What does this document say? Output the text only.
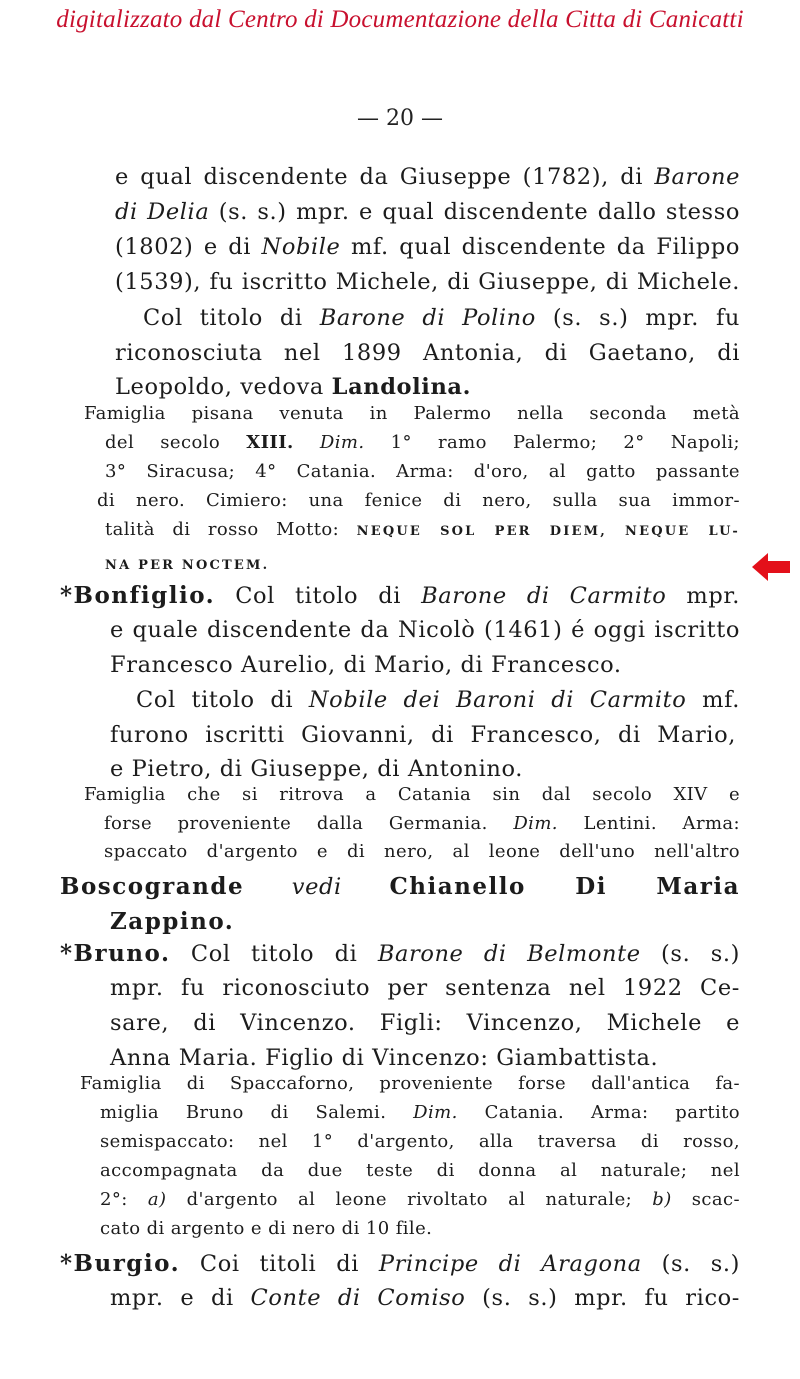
digitalizzato dal Centro di Documentazione della Citta di Canicatti
— 20 —
e qual discendente da Giuseppe (1782), di Barone
di Delia (s. s.) mpr. e qual discendente dallo stesso
(1802) e di Nobile mf. qual discendente da Filippo
(1539), fu iscritto Michele, di Giuseppe, di Michele.
Col titolo di Barone di Polino (s. s.) mpr. fu
riconosciuta nel 1899 Antonia, di Gaetano, di
Leopoldo, vedova Landolina.
Famiglia pisana venuta in Palermo nella seconda metà
del secolo XIII. Dim. 1° ramo Palermo; 2° Napoli;
3° Siracusa; 4° Catania. Arma: d'oro, al gatto passante
di nero. Cimiero: una fenice di nero, sulla sua immor-
talità di rosso Motto: NEQUE SOL PER DIEM, NEQUE LU-
NA PER NOCTEM.
*Bonfiglio. Col titolo di Barone di Carmito mpr.
e quale discendente da Nicolò (1461) é oggi iscritto
Francesco Aurelio, di Mario, di Francesco.
Col titolo di Nobile dei Baroni di Carmito mf.
furono iscritti Giovanni, di Francesco, di Mario,
e Pietro, di Giuseppe, di Antonino.
Famiglia che si ritrova a Catania sin dal secolo XIV e
forse proveniente dalla Germania. Dim. Lentini. Arma:
spaccato d'argento e di nero, al leone dell'uno nell'altro
Boscogrande vedi Chianello Di Maria
Zappino.
*Bruno. Col titolo di Barone di Belmonte (s. s.)
mpr. fu riconosciuto per sentenza nel 1922 Ce-
sare, di Vincenzo. Figli: Vincenzo, Michele e
Anna Maria. Figlio di Vincenzo: Giambattista.
Famiglia di Spaccaforno, proveniente forse dall'antica fa-
miglia Bruno di Salemi. Dim. Catania. Arma: partito
semispaccato: nel 1° d'argento, alla traversa di rosso,
accompagnata da due teste di donna al naturale; nel
2°: a) d'argento al leone rivoltato al naturale; b) scac-
cato di argento e di nero di 10 file.
*Burgio. Coi titoli di Principe di Aragona (s. s.)
mpr. e di Conte di Comiso (s. s.) mpr. fu rico-
